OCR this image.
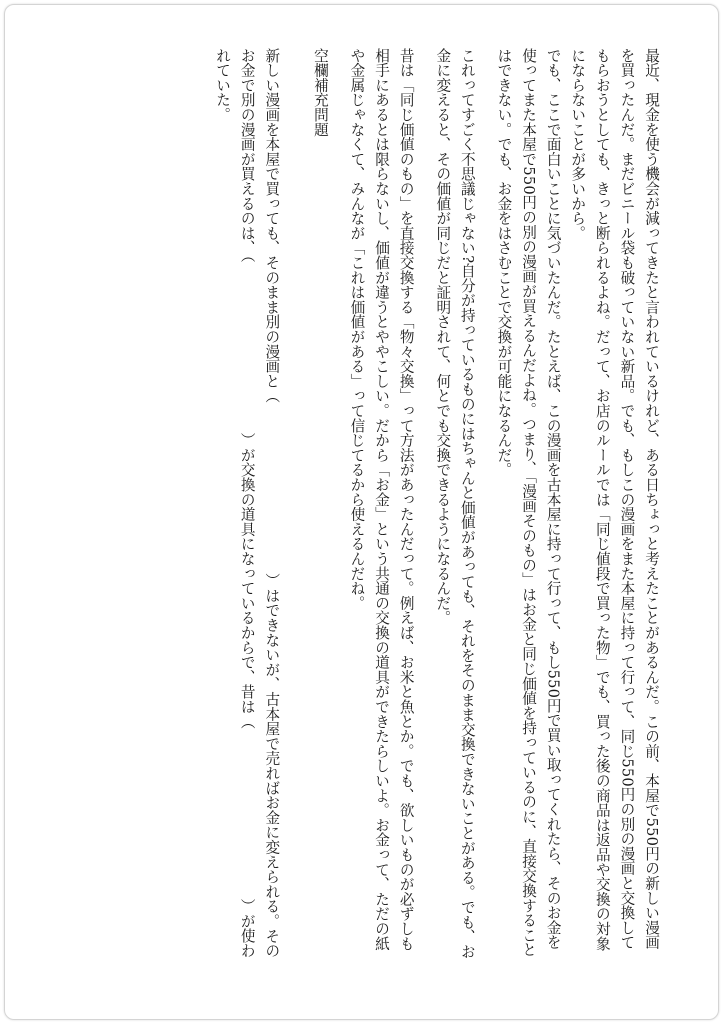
最近、現金を使う機会が減ってきたと言われているけれど、ある日ちょっと考えたことがあるんだ。この前、本屋で550円の新しい漫画を買ったんだ。まだビニール袋も破っていない新品。でも、もしこの漫画をまた本屋に持って行って、同じ550円の別の漫画と交換してもらおうとしても、きっと断られるよね。だって、お店のルールでは「同じ値段で買った物」でも、買った後の商品は返品や交換の対象にならないことが多いから。

でも、ここで面白いことに気づいたんだ。たとえば、この漫画を古本屋に持って行って、もし550円で買い取ってくれたら、そのお金を使ってまた本屋で550円の別の漫画が買えるんだよね。つまり、「漫画そのもの」はお金と同じ価値を持っているのに、直接交換することはできない。でも、お金をはさむことで交換が可能になるんだ。

これってすごく不思議じゃない?自分が持っているものにはちゃんと価値があっても、それをそのまま交換できないことがある。でも、お金に変えると、その価値が同じだと証明されて、何とでも交換できるようになるんだ。

昔は「同じ価値のもの」を直接交換する「物々交換」って方法があったんだって。例えば、お米と魚とか。でも、欲しいものが必ずしも相手にあるとは限らないし、価値が違うとややこしい。だから「お金」という共通の交換の道具ができたらしいよ。お金って、ただの紙や金属じゃなくて、みんなが「これは価値がある」って信じてるから使えるんだね。

空欄補充問題

新しい漫画を本屋で買っても、そのまま別の漫画と（）はできないが、古本屋で売ればお金に変えられる。そのお金で別の漫画が買えるのは、（）が交換の道具になっているからで、昔は（）が使われていた。
